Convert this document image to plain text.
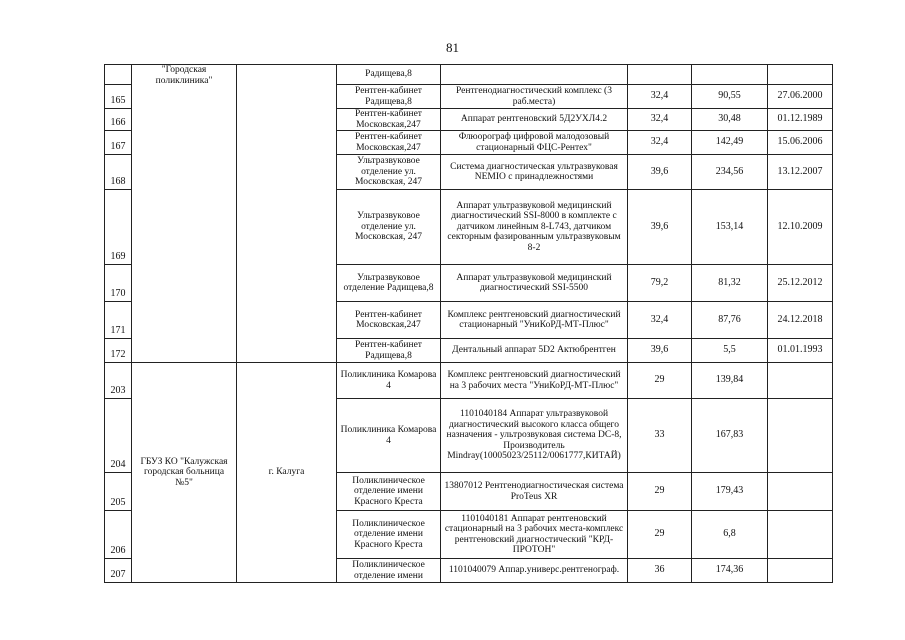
81
	"Городская поликлиника"		Радищева,8				
165			Рентген-кабинет Радищева,8	Рентгенодиагностический комплекс (3 раб.места)	32,4	90,55	27.06.2000
166			Рентген-кабинет Московская,247	Аппарат рентгеновский 5Д2УХЛ4.2	32,4	30,48	01.12.1989
167			Рентген-кабинет Московская,247	Флюорограф цифровой малодозовый стационарный ФЦС-Рентех"	32,4	142,49	15.06.2006
168			Ультразвуковое отделение ул. Московская, 247	Система диагностическая ультразвуковая NEMIO с принадлежностями	39,6	234,56	13.12.2007
169			Ультразвуковое отделение ул. Московская, 247	Аппарат ультразвуковой медицинский диагностический SSI-8000 в комплекте с датчиком линейным 8-L743, датчиком секторным фазированным ультразвуковым 8-2	39,6	153,14	12.10.2009
170			Ультразвуковое отделение Радищева,8	Аппарат ультразвуковой медицинский диагностический SSI-5500	79,2	81,32	25.12.2012
171			Рентген-кабинет Московская,247	Комплекс рентгеновский диагностический стационарный "УниКоРД-МТ-Плюс"	32,4	87,76	24.12.2018
172			Рентген-кабинет Радищева,8	Дентальный аппарат 5D2 Актюбрентген	39,6	5,5	01.01.1993
203	ГБУЗ КО "Калужская городская больница №5"	г. Калуга	Поликлиника Комарова 4	Комплекс рентгеновский диагностический на 3 рабочих места "УниКоРД-МТ-Плюс"	29	139,84	
204			Поликлиника Комарова 4	1101040184 Аппарат ультразвуковой диагностический высокого класса общего назначения - ультрозвуковая система DC-8, Производитель Mindray(10005023/25112/0061777,КИТАЙ)	33	167,83	
205			Поликлиническое отделение имени Красного Креста	13807012 Рентгенодиагностическая система ProTeus XR	29	179,43	
206			Поликлиническое отделение имени Красного Креста	1101040181 Аппарат рентгеновский стационарный на 3 рабочих места-комплекс рентгеновский диагностический "КРД-ПРОТОН"	29	6,8	
207			Поликлиническое отделение имени	1101040079 Аппар.универс.рентгенограф.	36	174,36	
